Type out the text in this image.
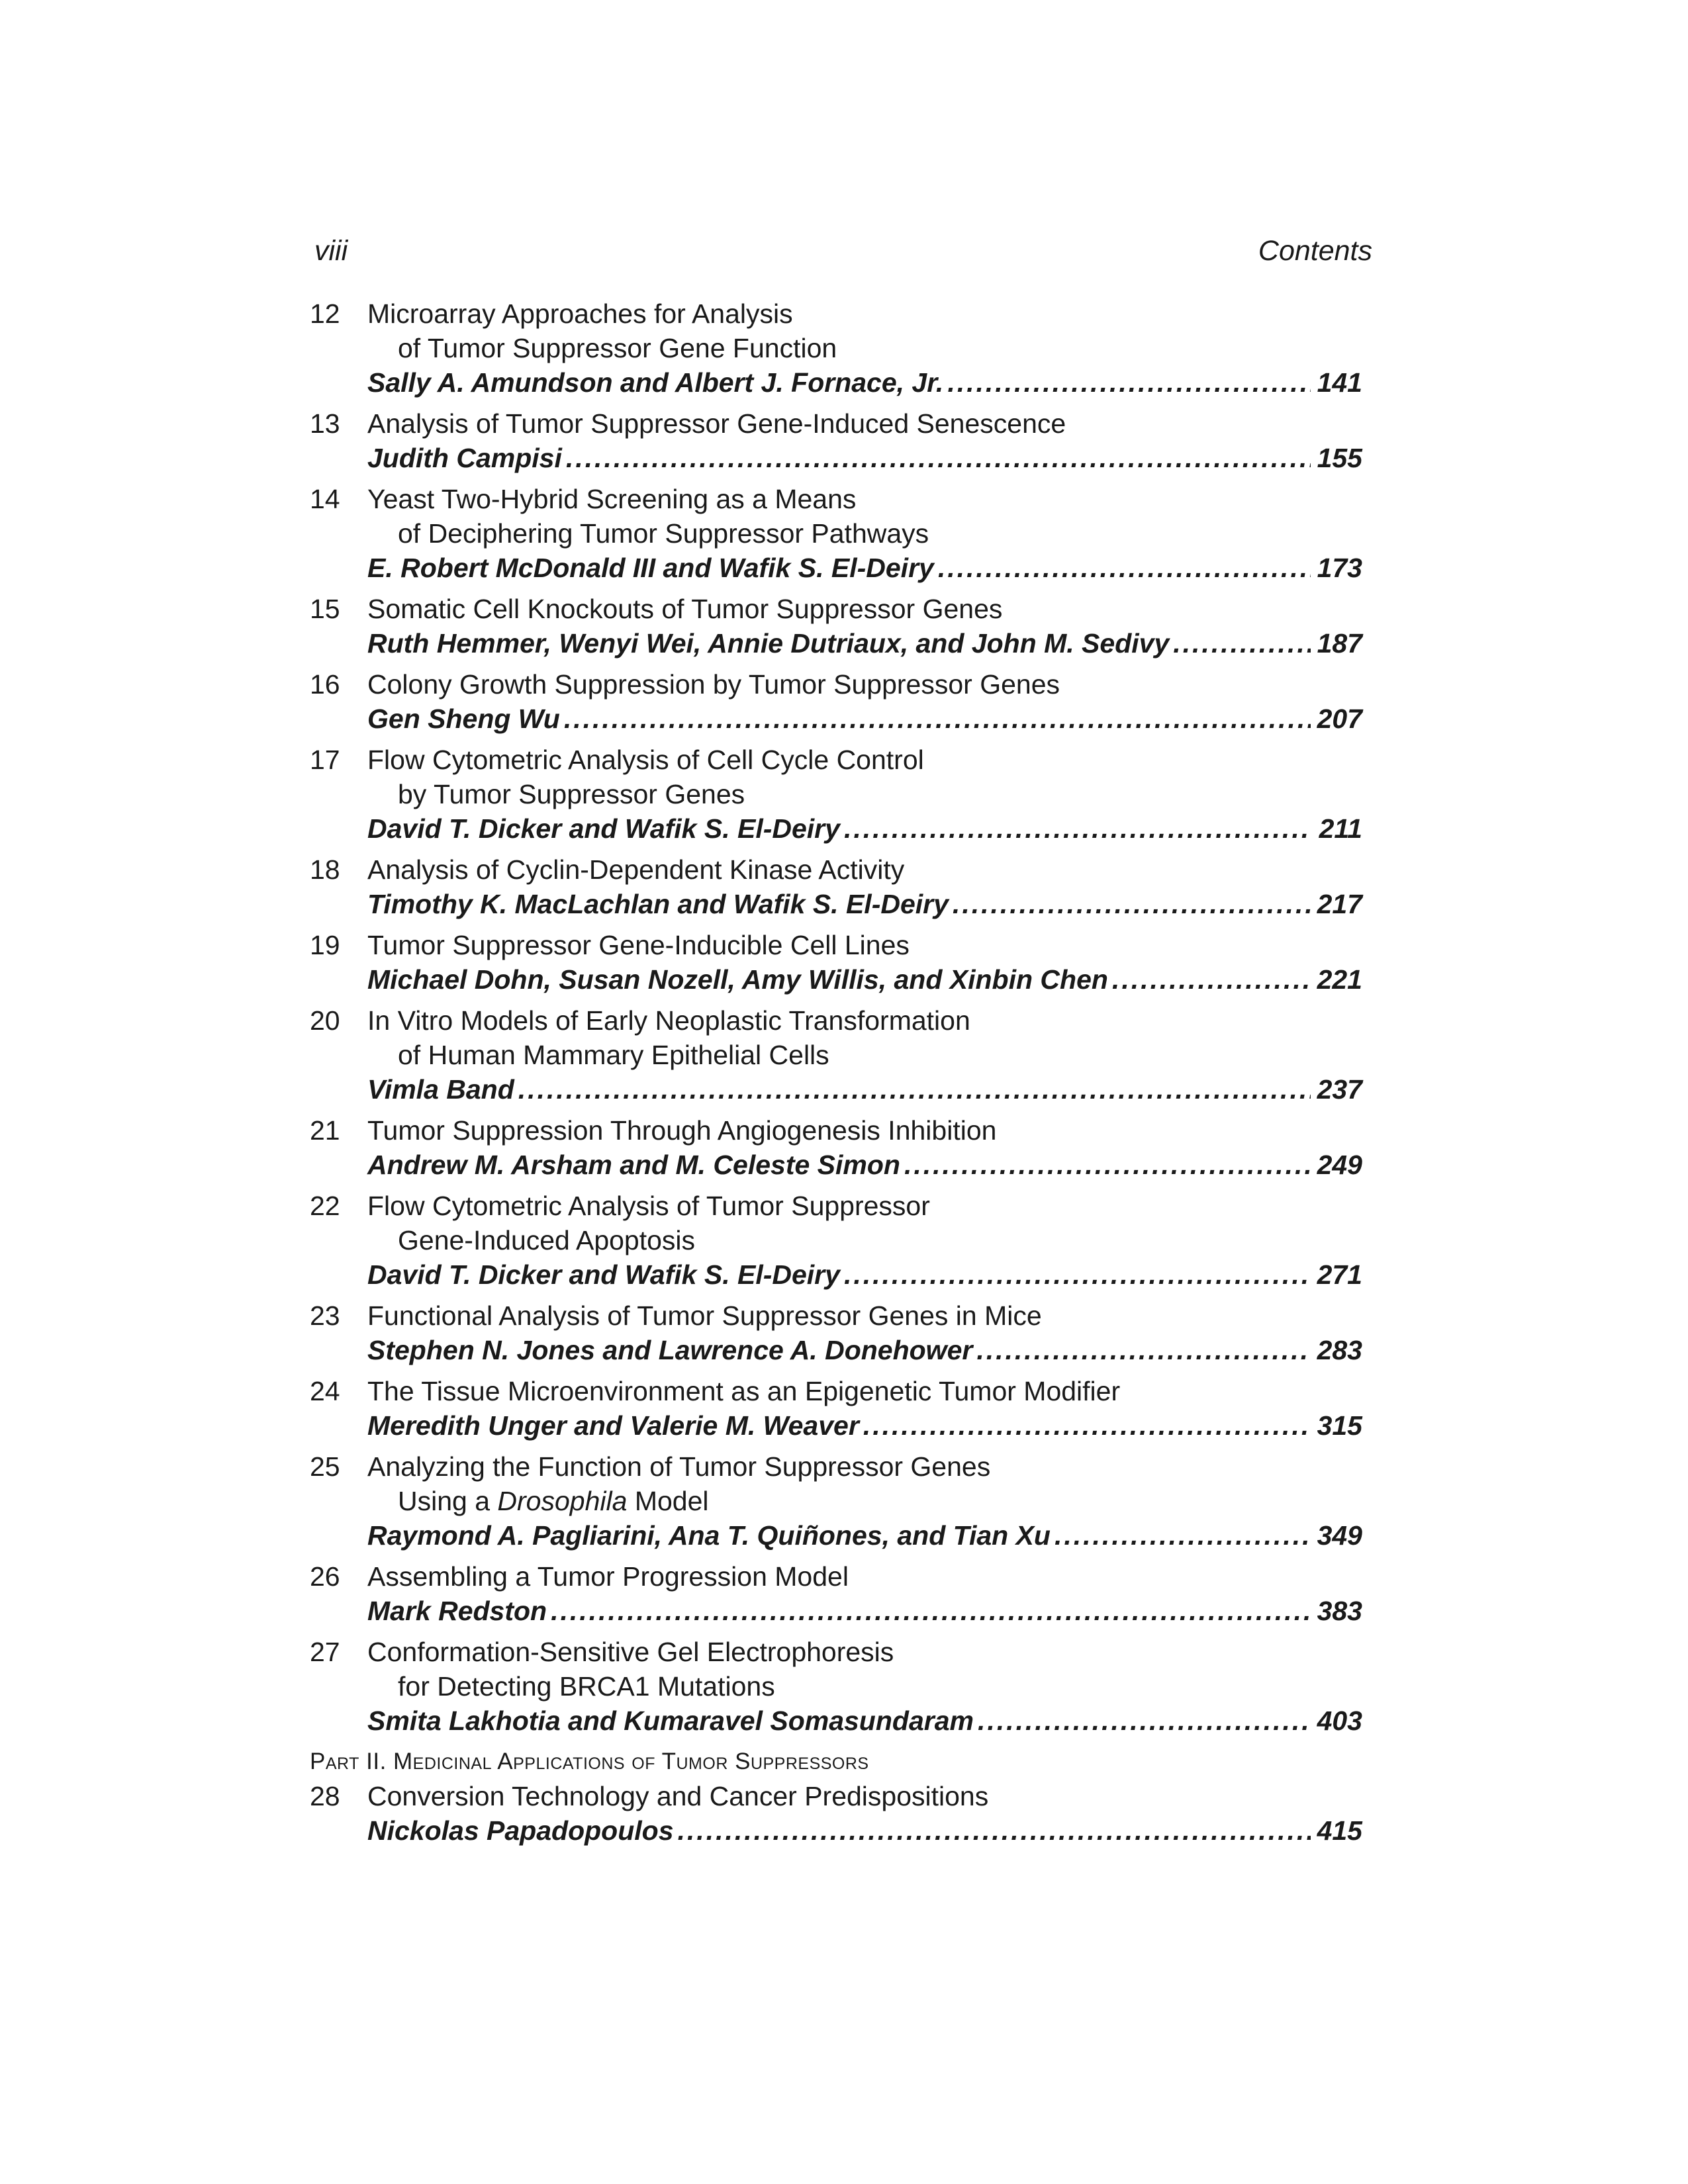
viii	Contents
12	Microarray Approaches for Analysis
of Tumor Suppressor Gene Function
Sally A. Amundson and Albert J. Fornace, Jr. .....	141
13	Analysis of Tumor Suppressor Gene-Induced Senescence
Judith Campisi .....	155
14	Yeast Two-Hybrid Screening as a Means
of Deciphering Tumor Suppressor Pathways
E. Robert McDonald III and Wafik S. El-Deiry .....	173
15	Somatic Cell Knockouts of Tumor Suppressor Genes
Ruth Hemmer, Wenyi Wei, Annie Dutriaux, and John M. Sedivy .....	187
16	Colony Growth Suppression by Tumor Suppressor Genes
Gen Sheng Wu .....	207
17	Flow Cytometric Analysis of Cell Cycle Control
by Tumor Suppressor Genes
David T. Dicker and Wafik S. El-Deiry .....	211
18	Analysis of Cyclin-Dependent Kinase Activity
Timothy K. MacLachlan and Wafik S. El-Deiry .....	217
19	Tumor Suppressor Gene-Inducible Cell Lines
Michael Dohn, Susan Nozell, Amy Willis, and Xinbin Chen .....	221
20	In Vitro Models of Early Neoplastic Transformation
of Human Mammary Epithelial Cells
Vimla Band .....	237
21	Tumor Suppression Through Angiogenesis Inhibition
Andrew M. Arsham and M. Celeste Simon .....	249
22	Flow Cytometric Analysis of Tumor Suppressor
Gene-Induced Apoptosis
David T. Dicker and Wafik S. El-Deiry .....	271
23	Functional Analysis of Tumor Suppressor Genes in Mice
Stephen N. Jones and Lawrence A. Donehower .....	283
24	The Tissue Microenvironment as an Epigenetic Tumor Modifier
Meredith Unger and Valerie M. Weaver .....	315
25	Analyzing the Function of Tumor Suppressor Genes
Using a Drosophila Model
Raymond A. Pagliarini, Ana T. Quiñones, and Tian Xu .....	349
26	Assembling a Tumor Progression Model
Mark Redston .....	383
27	Conformation-Sensitive Gel Electrophoresis
for Detecting BRCA1 Mutations
Smita Lakhotia and Kumaravel Somasundaram .....	403
Part II. Medicinal Applications of Tumor Suppressors
28	Conversion Technology and Cancer Predispositions
Nickolas Papadopoulos .....	415
